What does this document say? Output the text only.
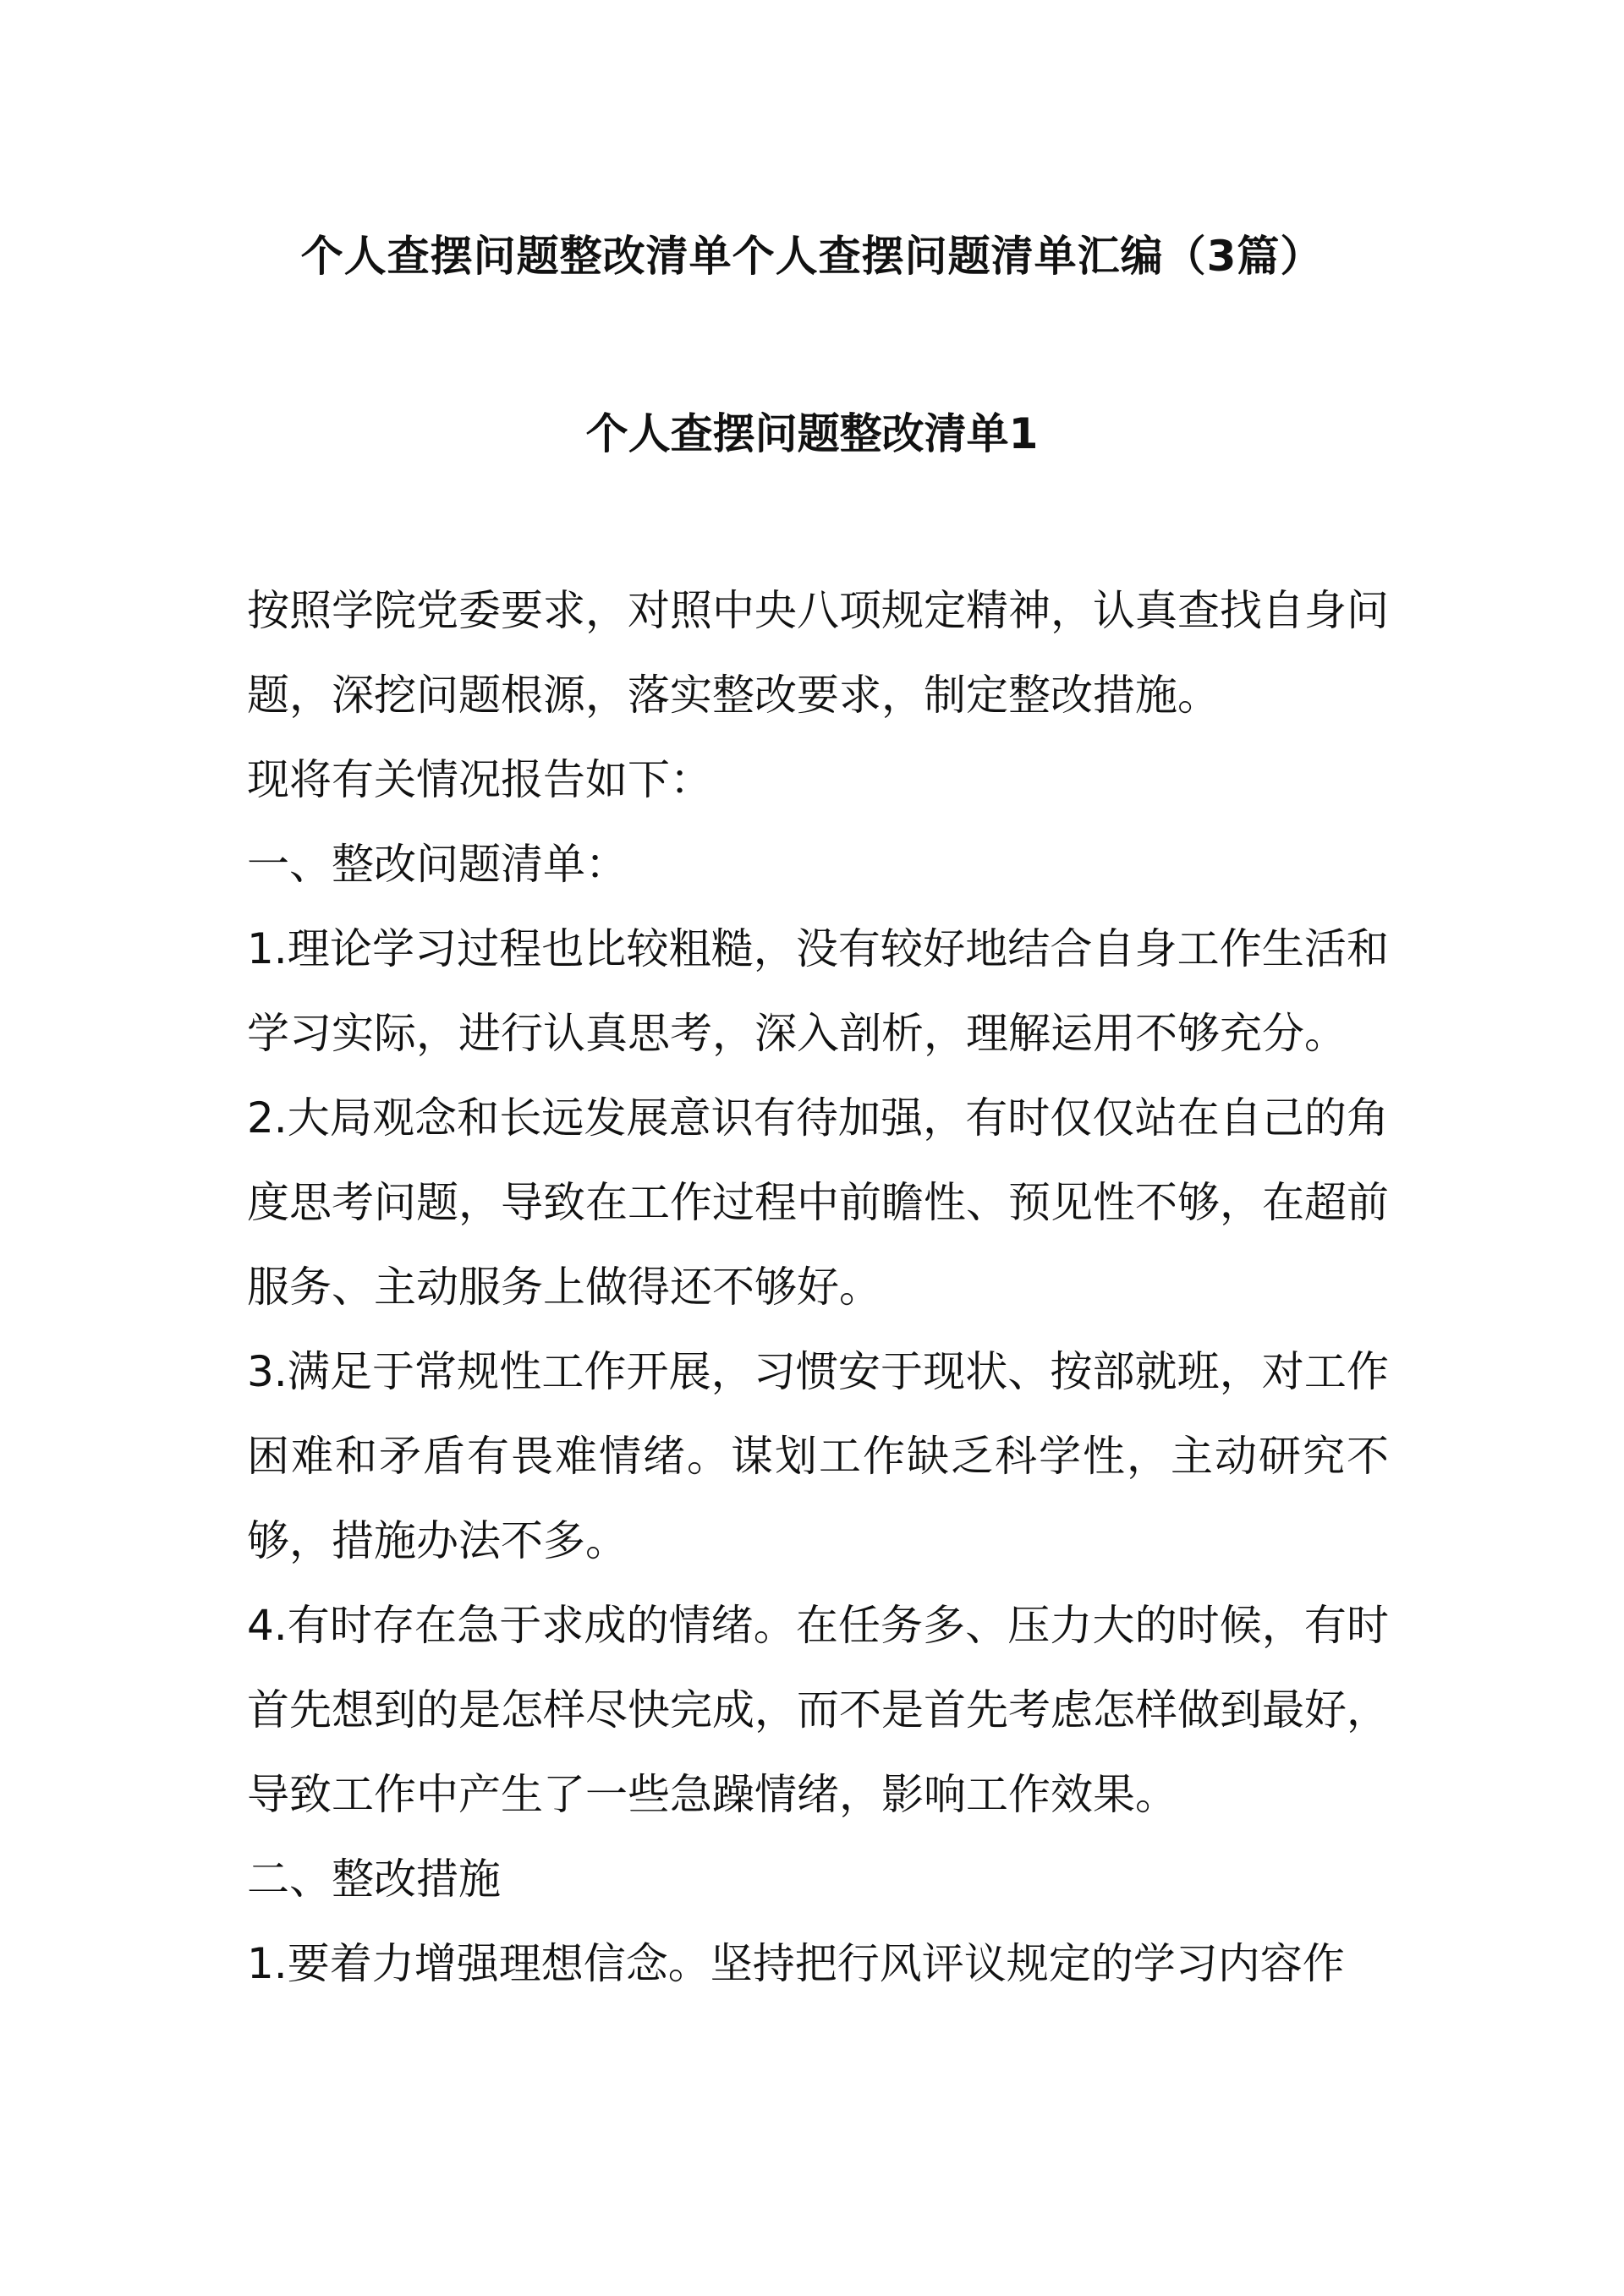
个人查摆问题整改清单个人查摆问题清单汇编（3篇）
个人查摆问题整改清单1

按照学院党委要求，对照中央八项规定精神，认真查找自身问题，深挖问题根源，落实整改要求，制定整改措施。

现将有关情况报告如下：

一、整改问题清单：

1.理论学习过程也比较粗糙，没有较好地结合自身工作生活和学习实际，进行认真思考，深入剖析，理解运用不够充分。

2.大局观念和长远发展意识有待加强，有时仅仅站在自己的角度思考问题，导致在工作过程中前瞻性、预见性不够，在超前服务、主动服务上做得还不够好。

3.满足于常规性工作开展，习惯安于现状、按部就班，对工作困难和矛盾有畏难情绪。谋划工作缺乏科学性，主动研究不够，措施办法不多。

4.有时存在急于求成的情绪。在任务多、压力大的时候，有时首先想到的是怎样尽快完成，而不是首先考虑怎样做到最好，导致工作中产生了一些急躁情绪，影响工作效果。

二、整改措施

1.要着力增强理想信念。坚持把行风评议规定的学习内容作
